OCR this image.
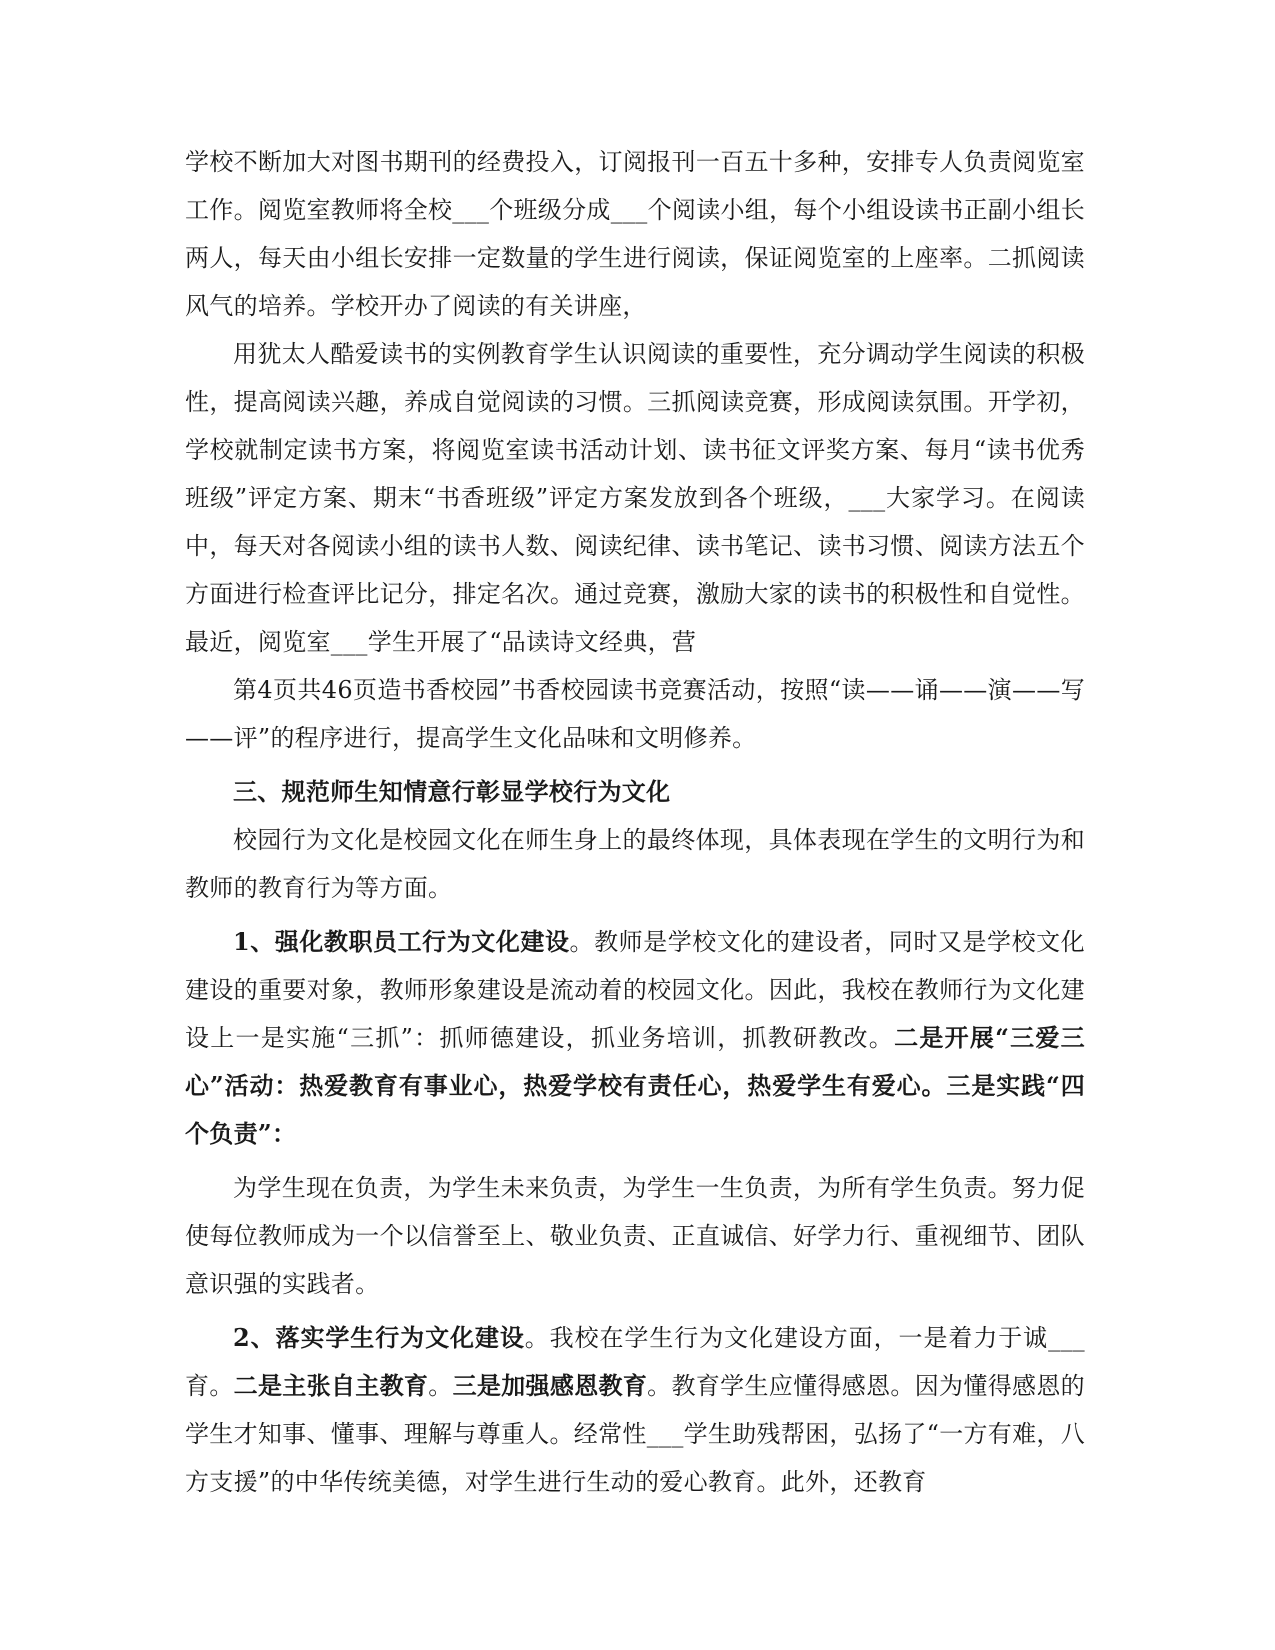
学校不断加大对图书期刊的经费投入，订阅报刊一百五十多种，安排专人负责阅览室工作。阅览室教师将全校___个班级分成___个阅读小组，每个小组设读书正副小组长两人，每天由小组长安排一定数量的学生进行阅读，保证阅览室的上座率。二抓阅读风气的培养。学校开办了阅读的有关讲座，

用犹太人酷爱读书的实例教育学生认识阅读的重要性，充分调动学生阅读的积极性，提高阅读兴趣，养成自觉阅读的习惯。三抓阅读竞赛，形成阅读氛围。开学初，学校就制定读书方案，将阅览室读书活动计划、读书征文评奖方案、每月“读书优秀班级”评定方案、期末“书香班级”评定方案发放到各个班级，___大家学习。在阅读中，每天对各阅读小组的读书人数、阅读纪律、读书笔记、读书习惯、阅读方法五个方面进行检查评比记分，排定名次。通过竞赛，激励大家的读书的积极性和自觉性。最近，阅览室___学生开展了“品读诗文经典，营

第4页共46页造书香校园”书香校园读书竞赛活动，按照“读——诵——演——写——评”的程序进行，提高学生文化品味和文明修养。

三、规范师生知情意行彰显学校行为文化

校园行为文化是校园文化在师生身上的最终体现，具体表现在学生的文明行为和教师的教育行为等方面。

1、强化教职员工行为文化建设。教师是学校文化的建设者，同时又是学校文化建设的重要对象，教师形象建设是流动着的校园文化。因此，我校在教师行为文化建设上一是实施“三抓”：抓师德建设，抓业务培训，抓教研教改。二是开展“三爱三心”活动：热爱教育有事业心，热爱学校有责任心，热爱学生有爱心。三是实践“四个负责”：

为学生现在负责，为学生未来负责，为学生一生负责，为所有学生负责。努力促使每位教师成为一个以信誉至上、敬业负责、正直诚信、好学力行、重视细节、团队意识强的实践者。

2、落实学生行为文化建设。我校在学生行为文化建设方面，一是着力于诚___育。二是主张自主教育。三是加强感恩教育。教育学生应懂得感恩。因为懂得感恩的学生才知事、懂事、理解与尊重人。经常性___学生助残帮困，弘扬了“一方有难，八方支援”的中华传统美德，对学生进行生动的爱心教育。此外，还教育
